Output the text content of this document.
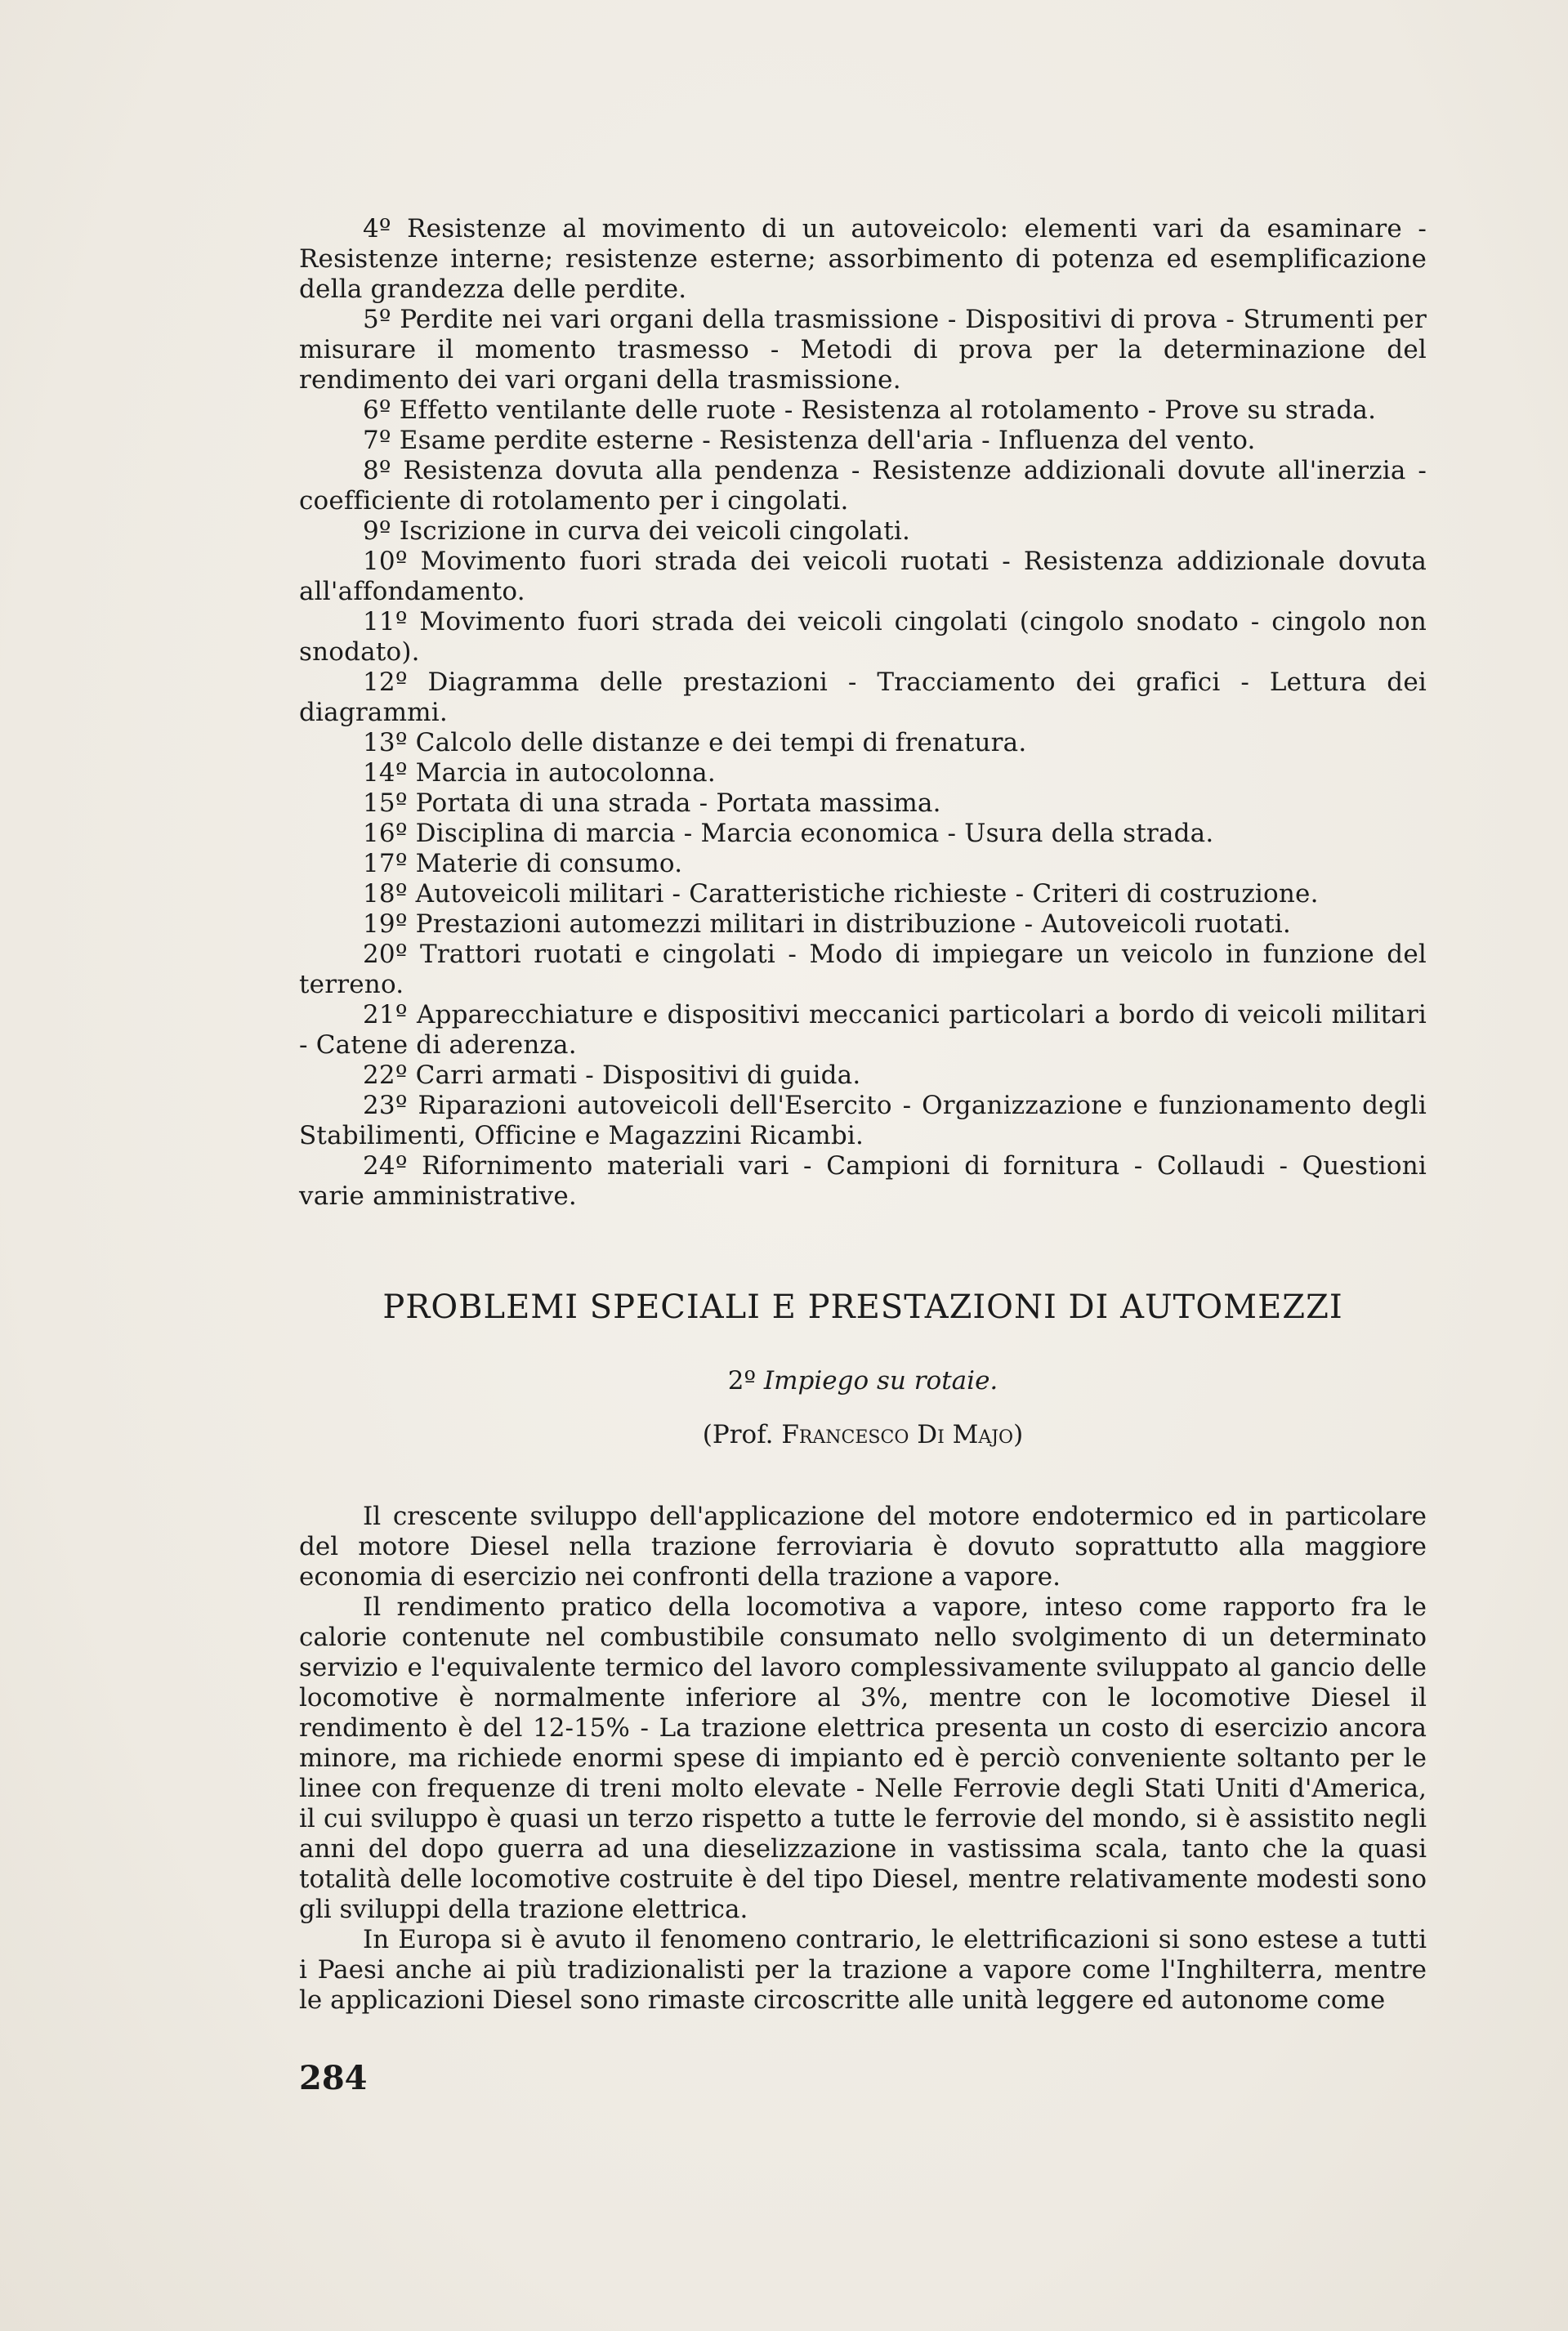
4º Resistenze al movimento di un autoveicolo: elementi vari da esaminare - Resistenze interne; resistenze esterne; assorbimento di potenza ed esemplificazione della grandezza delle perdite.

5º Perdite nei vari organi della trasmissione - Dispositivi di prova - Strumenti per misurare il momento trasmesso - Metodi di prova per la determinazione del rendimento dei vari organi della trasmissione.

6º Effetto ventilante delle ruote - Resistenza al rotolamento - Prove su strada.

7º Esame perdite esterne - Resistenza dell'aria - Influenza del vento.

8º Resistenza dovuta alla pendenza - Resistenze addizionali dovute all'inerzia - coefficiente di rotolamento per i cingolati.

9º Iscrizione in curva dei veicoli cingolati.

10º Movimento fuori strada dei veicoli ruotati - Resistenza addizionale dovuta all'affondamento.

11º Movimento fuori strada dei veicoli cingolati (cingolo snodato - cingolo non snodato).

12º Diagramma delle prestazioni - Tracciamento dei grafici - Lettura dei diagrammi.

13º Calcolo delle distanze e dei tempi di frenatura.

14º Marcia in autocolonna.

15º Portata di una strada - Portata massima.

16º Disciplina di marcia - Marcia economica - Usura della strada.

17º Materie di consumo.

18º Autoveicoli militari - Caratteristiche richieste - Criteri di costruzione.

19º Prestazioni automezzi militari in distribuzione - Autoveicoli ruotati.

20º Trattori ruotati e cingolati - Modo di impiegare un veicolo in funzione del terreno.

21º Apparecchiature e dispositivi meccanici particolari a bordo di veicoli militari - Catene di aderenza.

22º Carri armati - Dispositivi di guida.

23º Riparazioni autoveicoli dell'Esercito - Organizzazione e funzionamento degli Stabilimenti, Officine e Magazzini Ricambi.

24º Rifornimento materiali vari - Campioni di fornitura - Collaudi - Questioni varie amministrative.

PROBLEMI SPECIALI E PRESTAZIONI DI AUTOMEZZI

2º Impiego su rotaie.

(Prof. Francesco Di Majo)

Il crescente sviluppo dell'applicazione del motore endotermico ed in particolare del motore Diesel nella trazione ferroviaria è dovuto soprattutto alla maggiore economia di esercizio nei confronti della trazione a vapore.

Il rendimento pratico della locomotiva a vapore, inteso come rapporto fra le calorie contenute nel combustibile consumato nello svolgimento di un determinato servizio e l'equivalente termico del lavoro complessivamente sviluppato al gancio delle locomotive è normalmente inferiore al 3%, mentre con le locomotive Diesel il rendimento è del 12-15% - La trazione elettrica presenta un costo di esercizio ancora minore, ma richiede enormi spese di impianto ed è perciò conveniente soltanto per le linee con frequenze di treni molto elevate - Nelle Ferrovie degli Stati Uniti d'America, il cui sviluppo è quasi un terzo rispetto a tutte le ferrovie del mondo, si è assistito negli anni del dopo guerra ad una dieselizzazione in vastissima scala, tanto che la quasi totalità delle locomotive costruite è del tipo Diesel, mentre relativamente modesti sono gli sviluppi della trazione elettrica.

In Europa si è avuto il fenomeno contrario, le elettrificazioni si sono estese a tutti i Paesi anche ai più tradizionalisti per la trazione a vapore come l'Inghilterra, mentre le applicazioni Diesel sono rimaste circoscritte alle unità leggere ed autonome come

284
